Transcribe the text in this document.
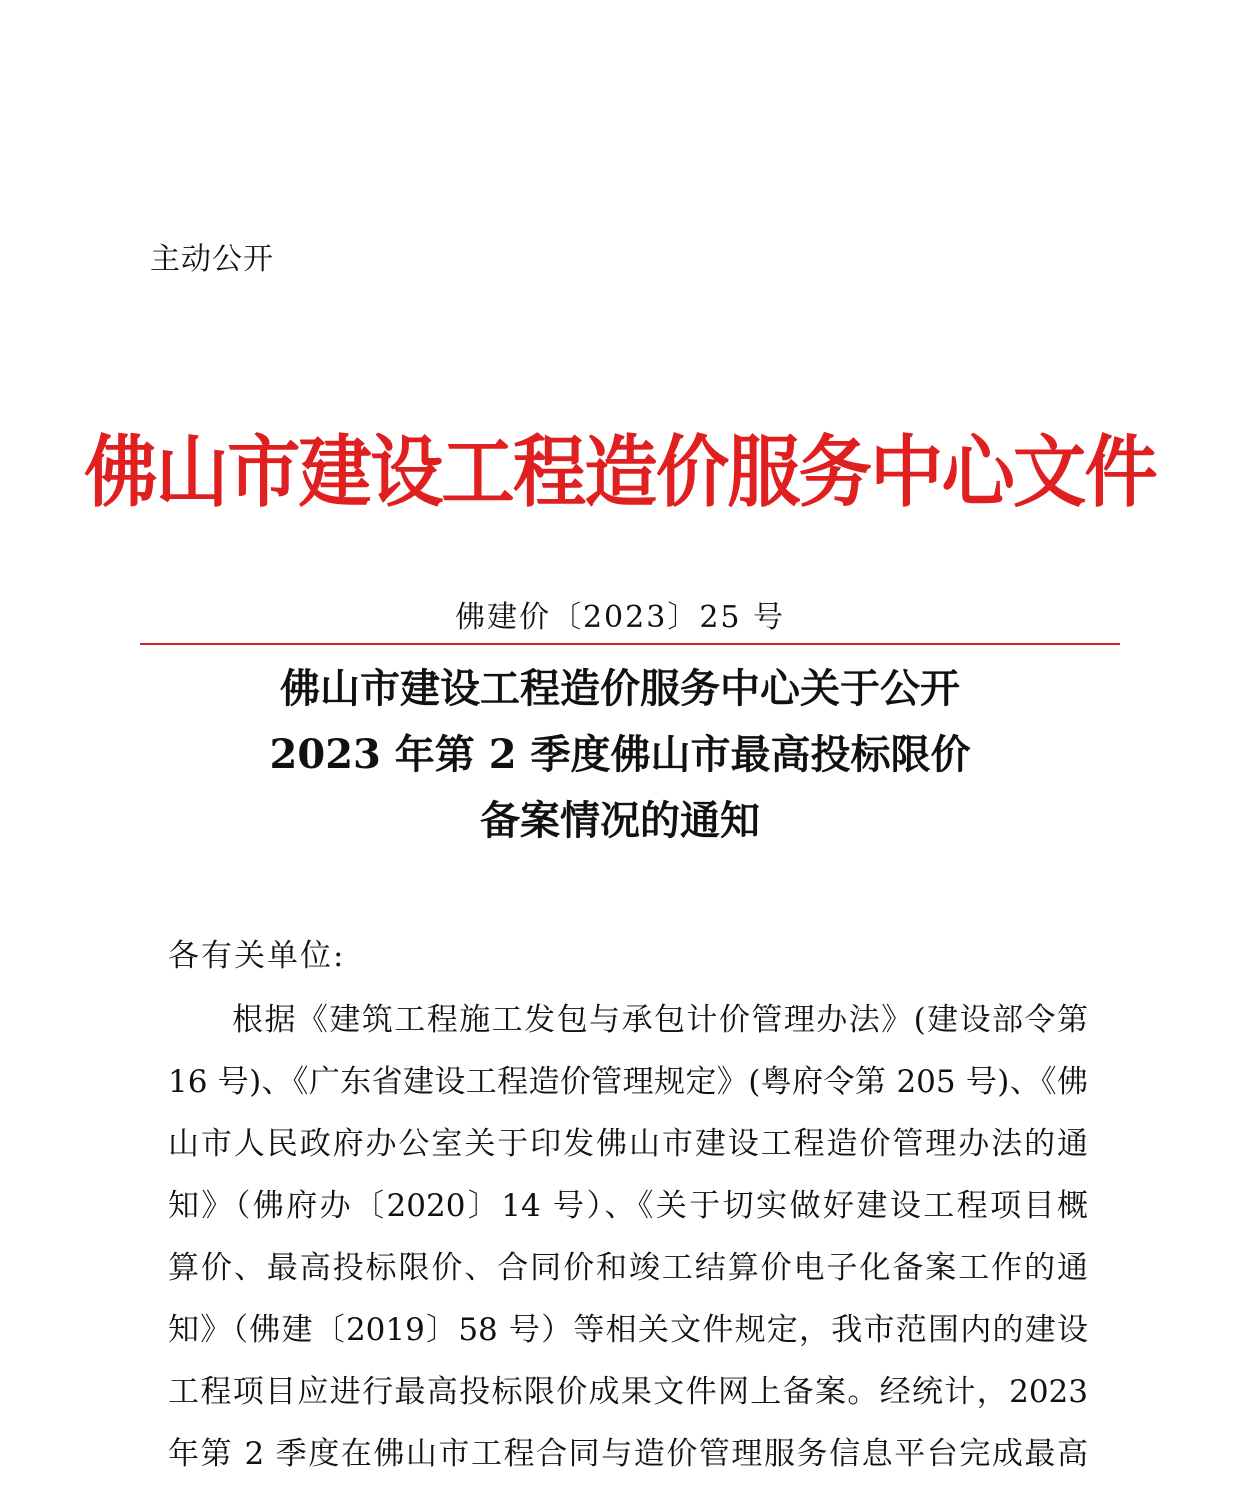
主动公开
佛山市建设工程造价服务中心文件
佛建价〔2023〕25 号
佛山市建设工程造价服务中心关于公开
2023 年第 2 季度佛山市最高投标限价
备案情况的通知
各有关单位:
根据《建筑工程施工发包与承包计价管理办法》(建设部令第
16 号)、《广东省建设工程造价管理规定》(粤府令第 205 号)、《佛
山市人民政府办公室关于印发佛山市建设工程造价管理办法的通
知》（佛府办〔2020〕14 号）、《关于切实做好建设工程项目概
算价、最高投标限价、合同价和竣工结算价电子化备案工作的通
知》（佛建〔2019〕58 号）等相关文件规定，我市范围内的建设
工程项目应进行最高投标限价成果文件网上备案。经统计，2023
年第 2 季度在佛山市工程合同与造价管理服务信息平台完成最高
